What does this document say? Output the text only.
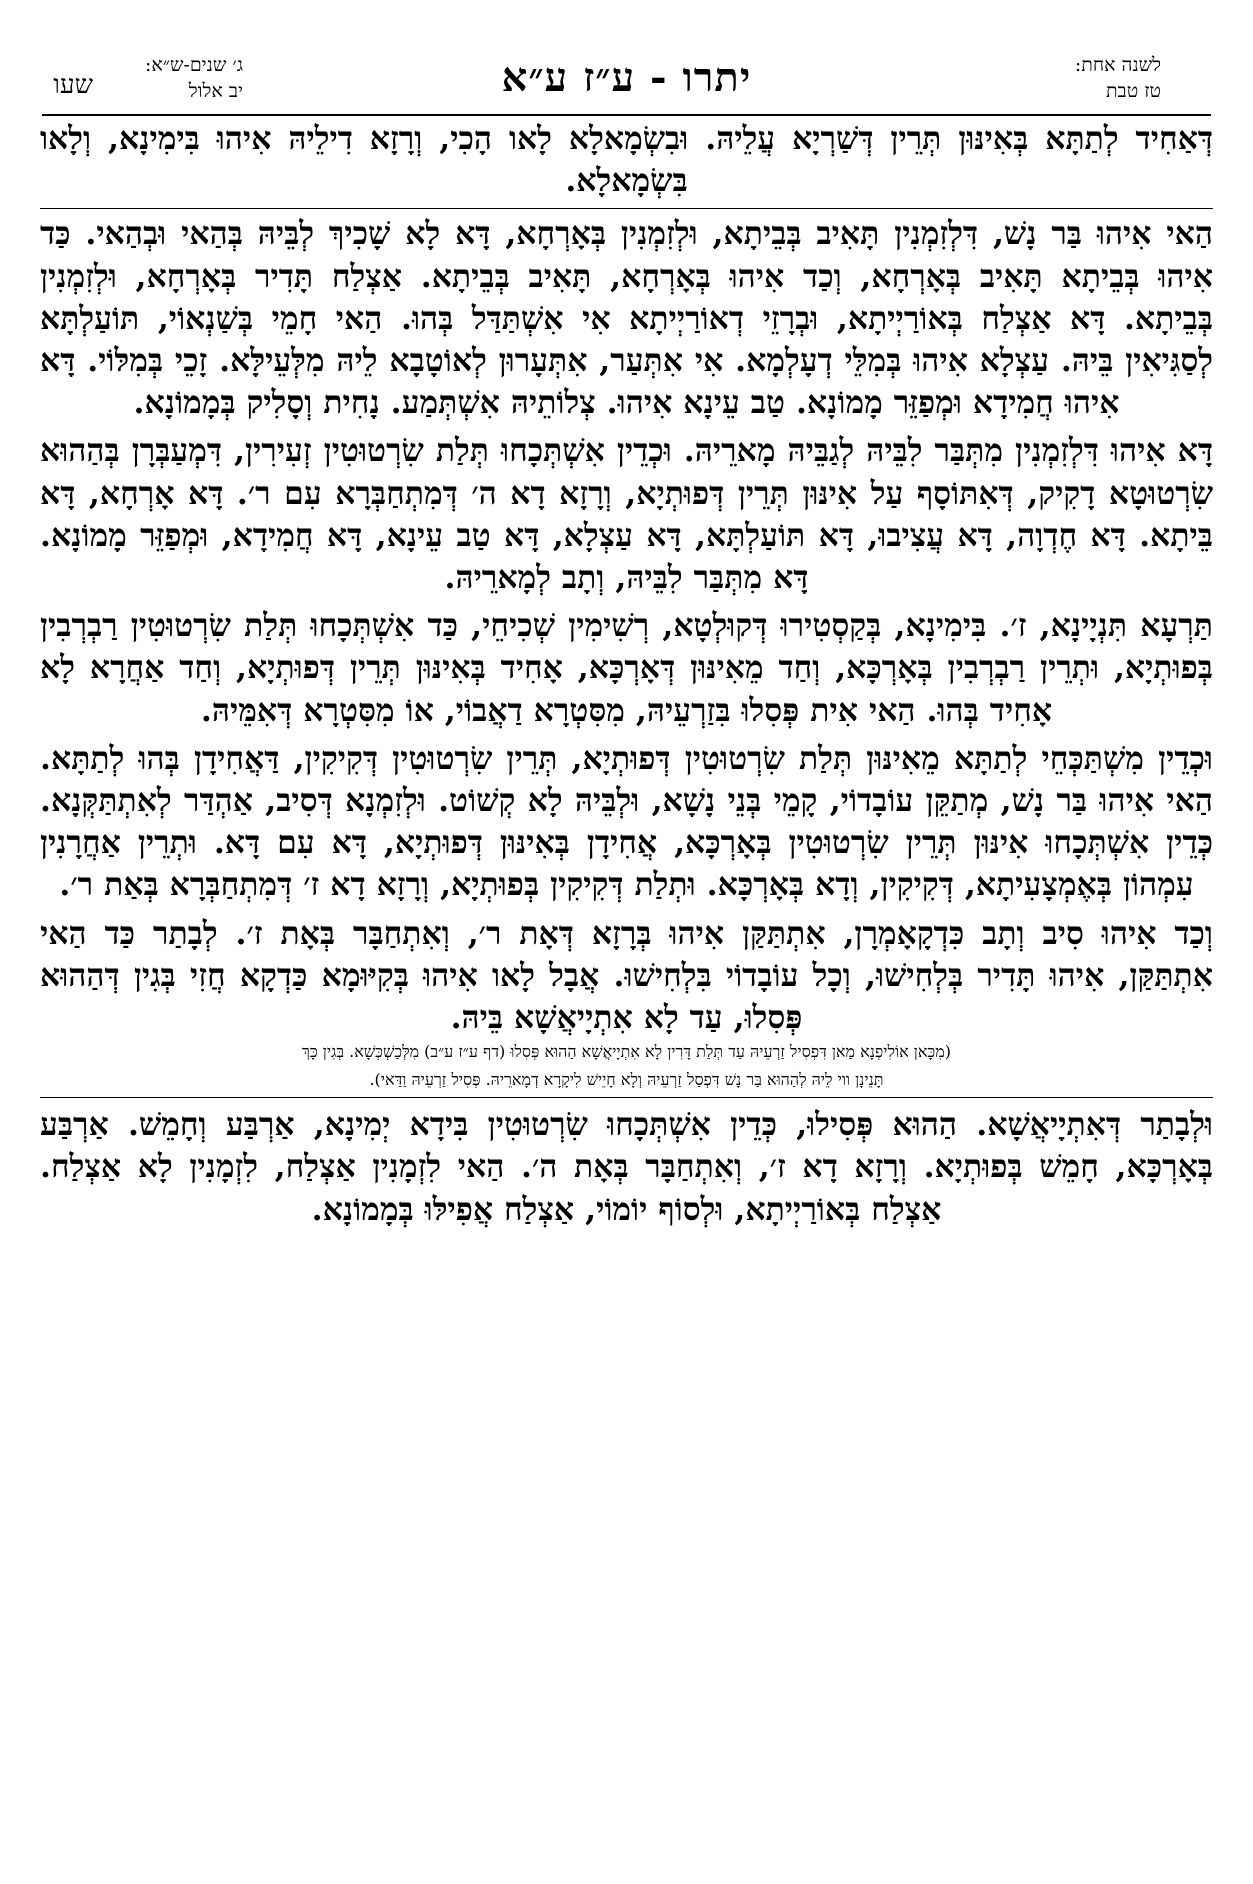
לשנה אחת:
טז טבת
יתרו - ע״ז ע״א
ג׳ שנים-ש״א:
יב אלול
שעו

דְּאַחִיד לְתַתָּא בְּאִינּוּן תְּרֵין דְּשַׁרְיָא עֲלֵיהּ. וּבִשְׂמָאלָא לָאו הָכִי, וְרָזָא דִילֵיהּ אִיהוּ בִּימִינָא, וְלָאו בִּשְׂמָאלָא.

הַאי אִיהוּ בַּר נָשׁ, דִּלְזִמְנִין תָּאִיב בְּבֵיתָא, וּלְזִמְנִין בְּאָרְחָא, דָּא לָא שָׁכִיךְ לְבֵּיהּ בְּהַאי וּבְהַאי. כַּד אִיהוּ בְּבֵיתָא תָּאִיב בְּאָרְחָא, וְכַד אִיהוּ בְּאָרְחָא, תָּאִיב בְּבֵיתָא. אַצְלַח תָּדִיר בְּאָרְחָא, וּלְזִמְנִין בְּבֵיתָא. דָּא אַצְלַח בְּאוֹרַיְיתָא, וּבְרָזֵי דְאוֹרַיְיתָא אִי אִשְׁתַּדַּל בְּהוּ. הַאי חָמֵי בְּשַׁנְאוֹי, תּוֹעַלְתָּא לְסַגִּיאִין בֵּיהּ. עַצְלָא אִיהוּ בְּמִלֵּי דְעָלְמָא. אִי אִתְּעַר, אִתְּעָרוּן לְאוֹטָבָא לֵיהּ מִלְּעֵילָּא. זָכֵי בְּמִלּוֹי. דָּא אִיהוּ חֲמִידָא וּמְפַזֵּר מָמוֹנָא. טַב עֵינָא אִיהוּ. צְלוֹתֵיהּ אִשְׁתְּמַע. נָחִית וְסָלִיק בְּמָמוֹנָא.

דָּא אִיהוּ דִּלְזִמְנִין מִתְּבַּר לִבֵּיהּ לְגַבֵּיהּ מָארֵיהּ. וּכְדֵין אִשְׁתְּכָחוּ תְּלַת שִׂרְטוּטִין זְעִירִין, דִּמְעַבְּרָן בְּהַהוּא שִׂרְטוּטָא דָקִיק, דְּאִתּוֹסָף עַל אִינּוּן תְּרֵין דְּפוּתְיָא, וְרָזָא דָא ה׳ דְּמִתְחַבְּרָא עִם ר׳. דָּא אָרְחָא, דָּא בֵּיתָא. דָּא חֶדְוָה, דָּא עֲצִיבוּ, דָּא תּוֹעַלְתָּא, דָּא עַצְלָא, דָּא טַב עֵינָא, דָּא חֲמִידָא, וּמְפַזֵּר מָמוֹנָא. דָּא מִתְּבַּר לִבֵּיהּ, וְתָב לְמָארֵיהּ.

תַּרְעָא תִּנְיָינָא, ז׳. בִּימִינָא, בְּקַסְטִירוּ דְּקוּלְטָא, רְשִׁימִין שְׁכִיחֵי, כַּד אִשְׁתְּכָחוּ תְּלַת שִׂרְטוּטִין רַבְרְבִין בְּפוּתְיָא, וּתְרֵין רַבְרְבִין בְּאָרְכָּא, וְחַד מֵאִינּוּן דְּאָרְכָּא, אָחִיד בְּאִינּוּן תְּרֵין דְּפוּתְיָא, וְחַד אַחֲרָא לָא אָחִיד בְּהוּ. הַאי אִית פְּסִלוּ בִּזַרְעֵיהּ, מִסִּטְרָא דַאֲבוֹי, אוֹ מִסִּטְרָא דְּאִמֵּיהּ.

וּכְדֵין מִשְׁתַּכְּחֵי לְתַתָּא מֵאִינּוּן תְּלַת שִׂרְטוּטִין דְּפוּתְיָא, תְּרֵין שִׂרְטוּטִין דְּקִיקִין, דַּאֲחִידָן בְּהוּ לְתַתָּא. הַאי אִיהוּ בַּר נָשׁ, מְתַקֵּן עוֹבָדוֹי, קָמֵי בְּנֵי נָשָׁא, וּלְבֵּיהּ לָא קְשׁוֹט. וּלְזִמְנָא דְּסִיב, אַהְדַּר לְאִתְתַּקְּנָא. כְּדֵין אִשְׁתְּכָחוּ אִינּוּן תְּרֵין שִׂרְטוּטִין בְּאָרְכָּא, אֲחִידָן בְּאִינּוּן דְּפוּתְיָא, דָּא עִם דָּא. וּתְרֵין אַחֲרָנִין עִמְהוֹן בְּאֶמְצָעִיתָא, דְּקִיקִין, וְדָא בְּאָרְכָּא. וּתְלַת דְּקִיקִין בְּפוּתְיָא, וְרָזָא דָא ז׳ דְּמִתְחַבְּרָא בְּאַת ר׳.

וְכַד אִיהוּ סִיב וְתָב כִּדְקָאָמְרָן, אִתְתַּקַּן אִיהוּ בְּרָזָא דְּאָת ר׳, וְאִתְחַבָּר בְּאָת ז׳. לְבָתַר כַּד הַאי אִתְתַּקַּן, אִיהוּ תָּדִיר בְּלְחִישׁוּ, וְכָל עוֹבָדוֹי בִּלְחִישׁוּ. אֲבָל לָאו אִיהוּ בְּקִיּוּמָא כַּדְקָא חֲזִי בְּגִין דְּהַהוּא פְּסִלוּ, עַד לָא אִתְיָיאֲשָׁא בֵּיהּ.

(מִכָּאן אוֹלִיפְנָא מַאן דִּפְסִיל זַרְעֵיהּ עַד תְּלַת דָּרִין לָא אִתְיָיאֲשָׁא הַהוּא פְּסִלוּ (דף ע״ז ע״ב) מִלְּכַשְׁכְּשָׁא. בְּגִין כָּךְ
תָּנֵינָן ווי לֵיהּ לְהַהוּא בַּר נָשׁ דִּפְסַל זַרְעֵיהּ וְלָא חָיֵישׁ לִיקָרָא דְמָארֵיהּ. פְּסִיל זַרְעֵיהּ וַדַּאי).

וּלְבָתַר דְּאִתְיָיאֲשָׁא. הַהוּא פְּסִילוּ, כְּדֵין אִשְׁתְּכָחוּ שִׂרְטוּטִין בִּידָא יְמִינָא, אַרְבַּע וְחָמֵשׁ. אַרְבַּע בְּאָרְכָּא, חָמֵשׁ בְּפוּתְיָא. וְרָזָא דָא ז׳, וְאִתְחַבָּר בְּאָת ה׳. הַאי לִזְמָנִין אַצְלַח, לִזְמָנִין לָא אַצְלַח. אַצְלַח בְּאוֹרַיְיתָא, וּלְסוֹף יוֹמוֹי, אַצְלַח אֲפִילּוּ בְּמָמוֹנָא.
